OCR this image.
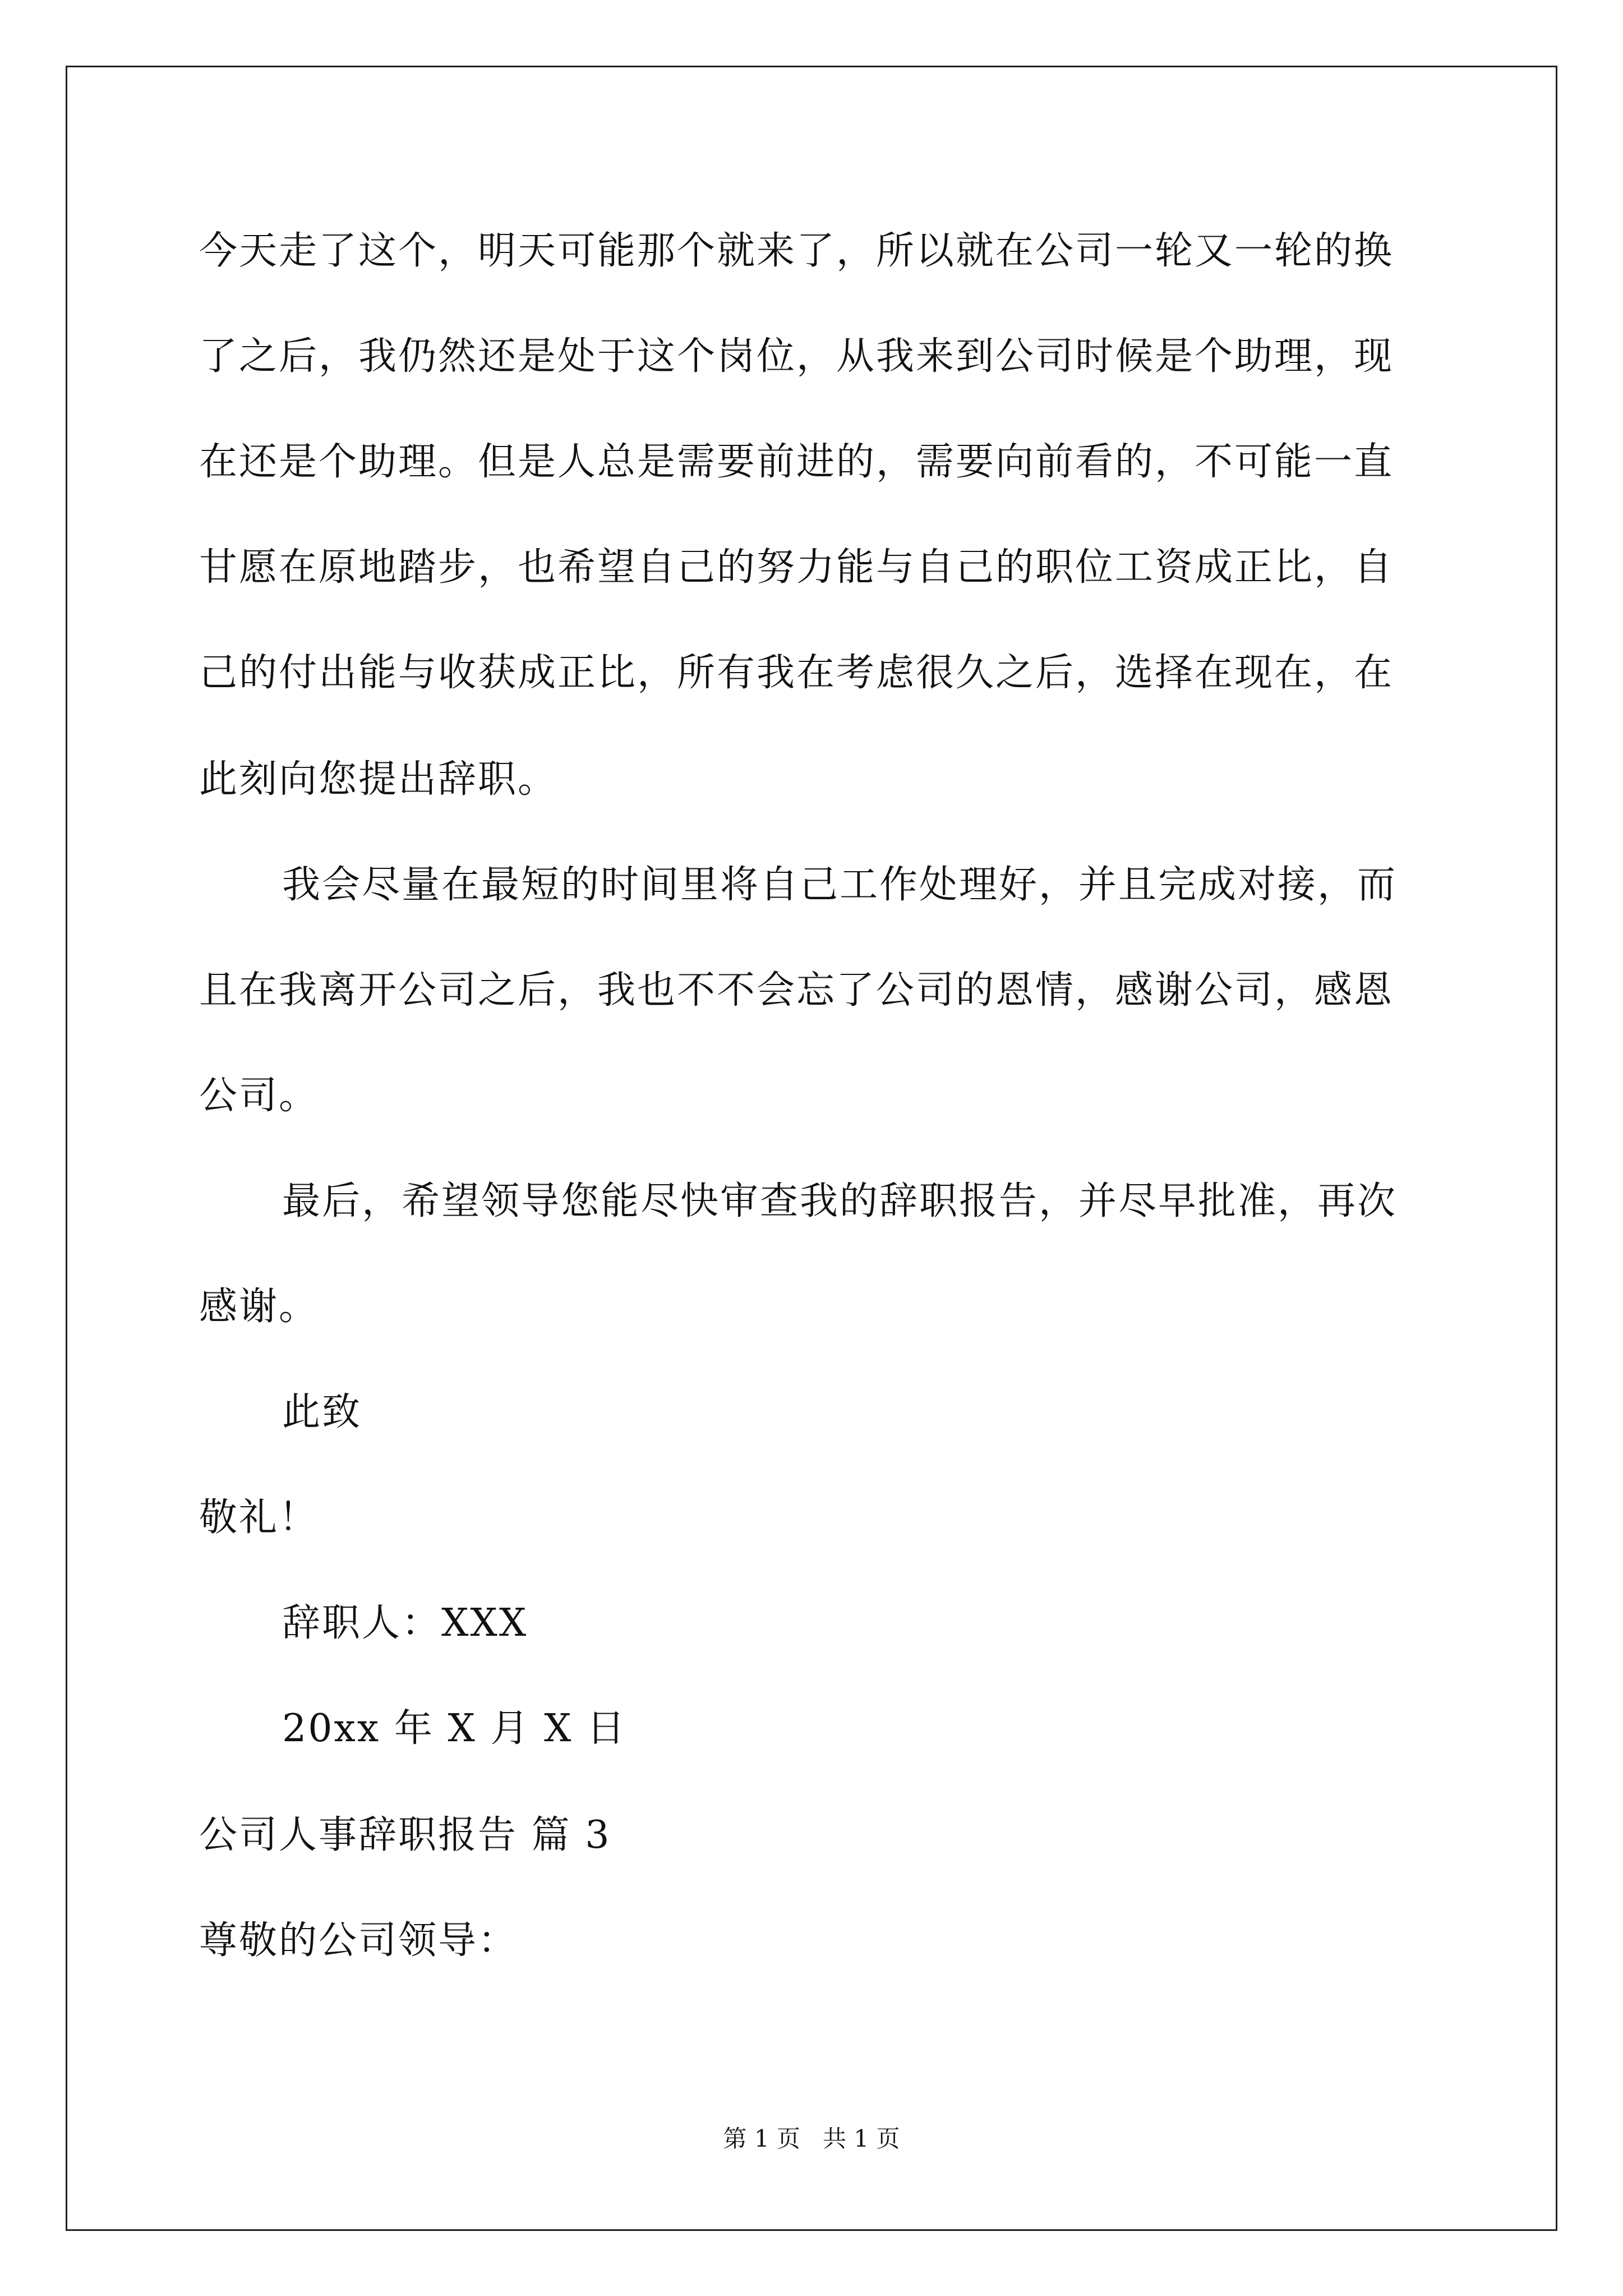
今天走了这个，明天可能那个就来了，所以就在公司一轮又一轮的换
了之后，我仍然还是处于这个岗位，从我来到公司时候是个助理，现
在还是个助理。但是人总是需要前进的，需要向前看的，不可能一直
甘愿在原地踏步，也希望自己的努力能与自己的职位工资成正比，自
己的付出能与收获成正比，所有我在考虑很久之后，选择在现在，在
此刻向您提出辞职。
我会尽量在最短的时间里将自己工作处理好，并且完成对接，而
且在我离开公司之后，我也不不会忘了公司的恩情，感谢公司，感恩
公司。
最后，希望领导您能尽快审查我的辞职报告，并尽早批准，再次
感谢。
此致
敬礼！
辞职人：XXX
20xx 年 X 月 X 日
公司人事辞职报告 篇 3
尊敬的公司领导：
第 1 页   共 1 页
